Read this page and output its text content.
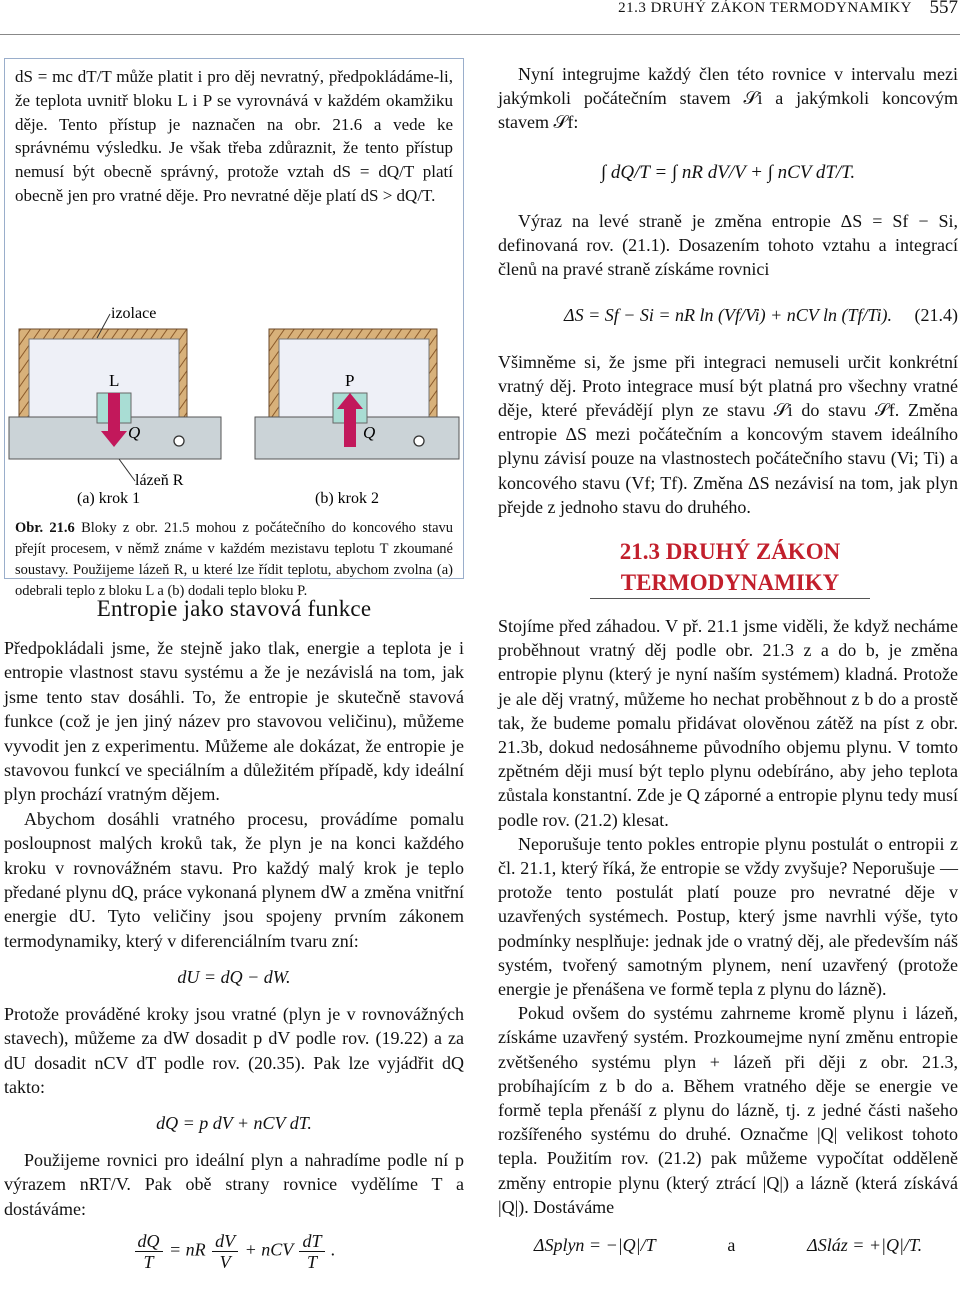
21.3 DRUHÝ ZÁKON TERMODYNAMIKY 557
dS = mc dT/T může platit i pro děj nevratný, předpokládáme-li, že teplota uvnitř bloku L i P se vyrovnává v každém okamžiku děje. Tento přístup je naznačen na obr. 21.6 a vede ke správnému výsledku. Je však třeba zdůraznit, že tento přístup nemusí být obecně správný, protože vztah dS = dQ/T platí obecně jen pro vratné děje. Pro nevratné děje platí dS > dQ/T.
L
Q
izolace
P
Q
lázeň R
(a) krok 1	(b) krok 2
Obr. 21.6 Bloky z obr. 21.5 mohou z počátečního do koncového stavu přejít procesem, v němž známe v každém mezistavu teplotu T zkoumané soustavy. Použijeme lázeň R, u které lze řídit teplotu, abychom zvolna (a) odebrali teplo z bloku L a (b) dodali teplo bloku P.
Entropie jako stavová funkce

Předpokládali jsme, že stejně jako tlak, energie a teplota je i entropie vlastnost stavu systému a že je nezávislá na tom, jak jsme tento stav dosáhli. To, že entropie je skutečně stavová funkce (což je jen jiný název pro stavovou veličinu), můžeme vyvodit jen z experimentu. Můžeme ale dokázat, že entropie je stavovou funkcí ve speciálním a důležitém případě, kdy ideální plyn prochází vratným dějem.

Abychom dosáhli vratného procesu, provádíme pomalu posloupnost malých kroků tak, že plyn je na konci každého kroku v rovnovážném stavu. Pro každý malý krok je teplo předané plynu dQ, práce vykonaná plynem dW a změna vnitřní energie dU. Tyto veličiny jsou spojeny prvním zákonem termodynamiky, který v diferenciálním tvaru zní:

dU = dQ − dW.

Protože prováděné kroky jsou vratné (plyn je v rovnovážných stavech), můžeme za dW dosadit p dV podle rov. (19.22) a za dU dosadit nCV dT podle rov. (20.35). Pak lze vyjádřit dQ takto:

dQ = p dV + nCV dT.

Použijeme rovnici pro ideální plyn a nahradíme podle ní p výrazem nRT/V. Pak obě strany rovnice vydělíme T a dostáváme:

$\frac{dQ}{T}$ = nR $\frac{dV}{V}$ + nCV $\frac{dT}{T}$ .

Nyní integrujme každý člen této rovnice v intervalu mezi jakýmkoli počátečním stavem 𝒮i a jakýmkoli koncovým stavem 𝒮f:

∫ dQ/T = ∫ nR dV/V + ∫ nCV dT/T.

Výraz na levé straně je změna entropie ΔS = Sf − Si, definovaná rov. (21.1). Dosazením tohoto vztahu a integrací členů na pravé straně získáme rovnici

ΔS = Sf − Si = nR ln (Vf/Vi) + nCV ln (Tf/Ti).	(21.4)

Všimněme si, že jsme při integraci nemuseli určit konkrétní vratný děj. Proto integrace musí být platná pro všechny vratné děje, které převádějí plyn ze stavu 𝒮i do stavu 𝒮f. Změna entropie ΔS mezi počátečním a koncovým stavem ideálního plynu závisí pouze na vlastnostech počátečního stavu (Vi; Ti) a koncového stavu (Vf; Tf). Změna ΔS nezávisí na tom, jak plyn přejde z jednoho stavu do druhého.

21.3 DRUHÝ ZÁKON
TERMODYNAMIKY

Stojíme před záhadou. V př. 21.1 jsme viděli, že když necháme proběhnout vratný děj podle obr. 21.3 z a do b, je změna entropie plynu (který je nyní naším systémem) kladná. Protože je ale děj vratný, můžeme ho nechat proběhnout z b do a prostě tak, že budeme pomalu přidávat olověnou zátěž na píst z obr. 21.3b, dokud nedosáhneme původního objemu plynu. V tomto zpětném ději musí být teplo plynu odebíráno, aby jeho teplota zůstala konstantní. Zde je Q záporné a entropie plynu tedy musí podle rov. (21.2) klesat.

Neporušuje tento pokles entropie plynu postulát o entropii z čl. 21.1, který říká, že entropie se vždy zvyšuje? Neporušuje — protože tento postulát platí pouze pro nevratné děje v uzavřených systémech. Postup, který jsme navrhli výše, tyto podmínky nesplňuje: jednak jde o vratný děj, ale především náš systém, tvořený samotným plynem, není uzavřený (protože energie je přenášena ve formě tepla z plynu do lázně).

Pokud ovšem do systému zahrneme kromě plynu i lázeň, získáme uzavřený systém. Prozkoumejme nyní změnu entropie zvětšeného systému plyn + lázeň při ději z obr. 21.3, probíhajícím z b do a. Během vratného děje se energie ve formě tepla přenáší z plynu do lázně, tj. z jedné části našeho rozšířeného systému do druhé. Označme |Q| velikost tohoto tepla. Použitím rov. (21.2) pak můžeme vypočítat odděleně změny entropie plynu (který ztrácí |Q|) a lázně (která získává |Q|). Dostáváme

ΔSplyn = −|Q|/T	a	ΔSláz = +|Q|/T.
